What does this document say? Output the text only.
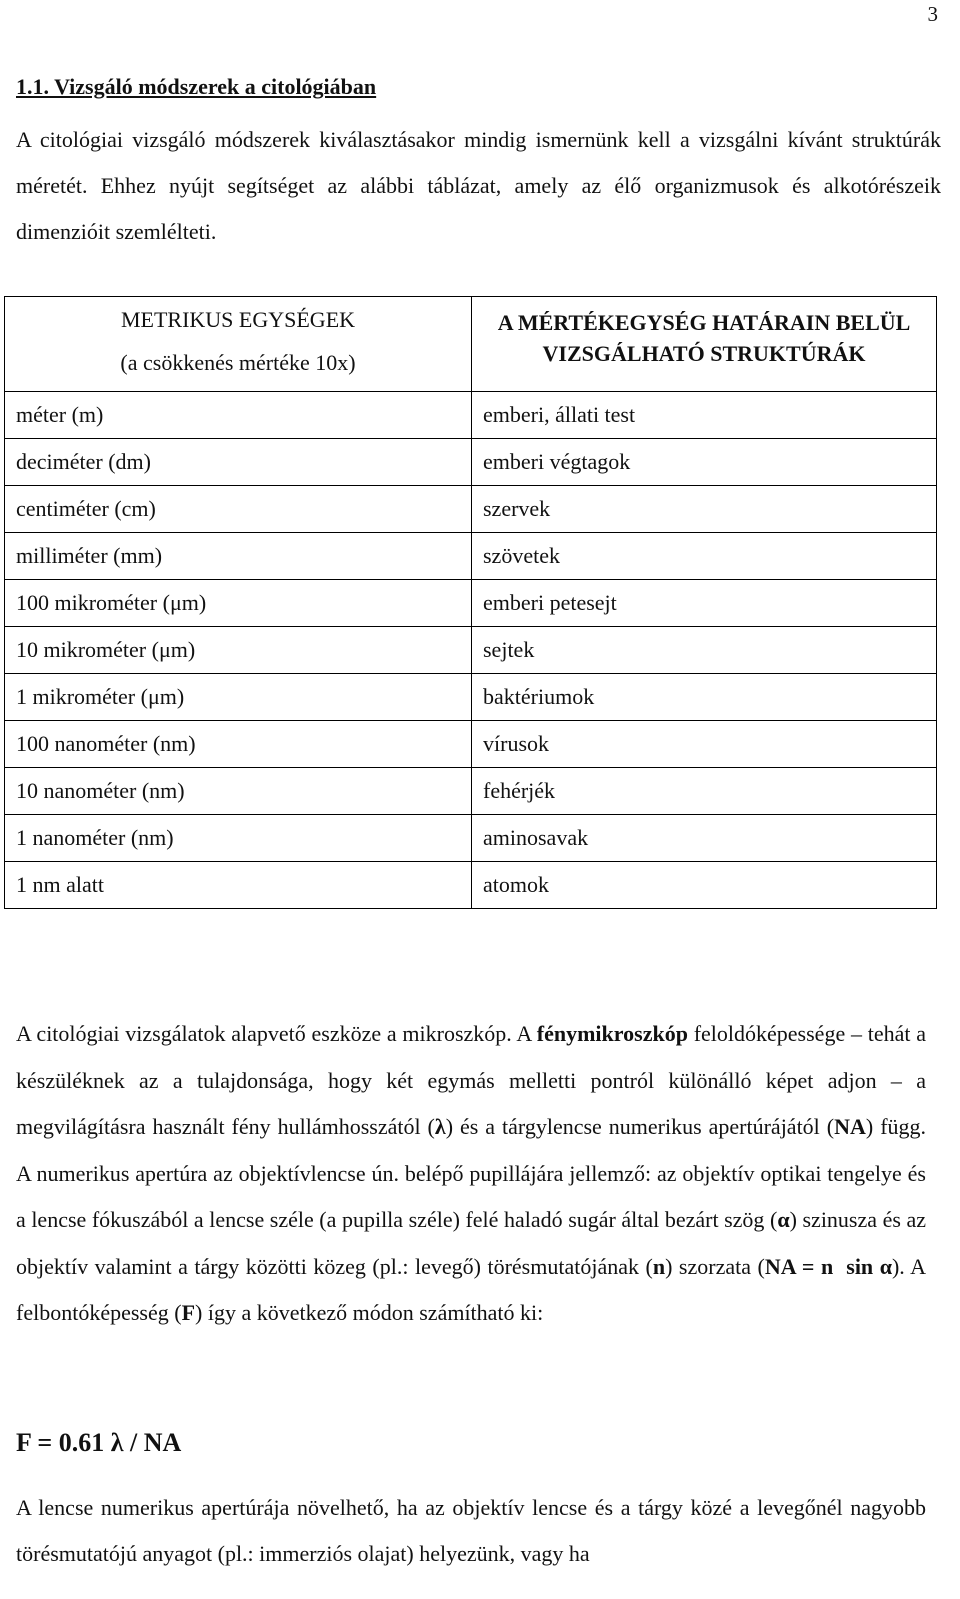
3
1.1. Vizsgáló módszerek a citológiában

A citológiai vizsgáló módszerek kiválasztásakor mindig ismernünk kell a vizsgálni kívánt struktúrák méretét. Ehhez nyújt segítséget az alábbi táblázat, amely az élő organizmusok és alkotórészeik dimenzióit szemlélteti.

METRIKUS EGYSÉGEK
(a csökkenés mértéke 10x)	A MÉRTÉKEGYSÉG HATÁRAIN BELÜL VIZSGÁLHATÓ STRUKTÚRÁK

méter (m)	emberi, állati test
deciméter (dm)	emberi végtagok
centiméter (cm)	szervek
milliméter (mm)	szövetek
100 mikrométer (μm)	emberi petesejt
10 mikrométer (μm)	sejtek
1 mikrométer (μm)	baktériumok
100 nanométer (nm)	vírusok
10 nanométer (nm)	fehérjék
1 nanométer (nm)	aminosavak
1 nm alatt	atomok

A citológiai vizsgálatok alapvető eszköze a mikroszkóp. A fénymikroszkóp feloldóképessége – tehát a készüléknek az a tulajdonsága, hogy két egymás melletti pontról különálló képet adjon – a megvilágításra használt fény hullámhosszától (λ) és a tárgylencse numerikus apertúrájától (NA) függ. A numerikus apertúra az objektívlencse ún. belépő pupillájára jellemző: az objektív optikai tengelye és a lencse fókuszából a lencse széle (a pupilla széle) felé haladó sugár által bezárt szög (α) szinusza és az objektív valamint a tárgy közötti közeg (pl.: levegő) törésmutatójának (n) szorzata (NA = n  sin α). A felbontóképesség (F) így a következő módon számítható ki:

F = 0.61 λ / NA

A lencse numerikus apertúrája növelhető, ha az objektív lencse és a tárgy közé a levegőnél nagyobb törésmutatójú anyagot (pl.: immerziós olajat) helyezünk, vagy ha
